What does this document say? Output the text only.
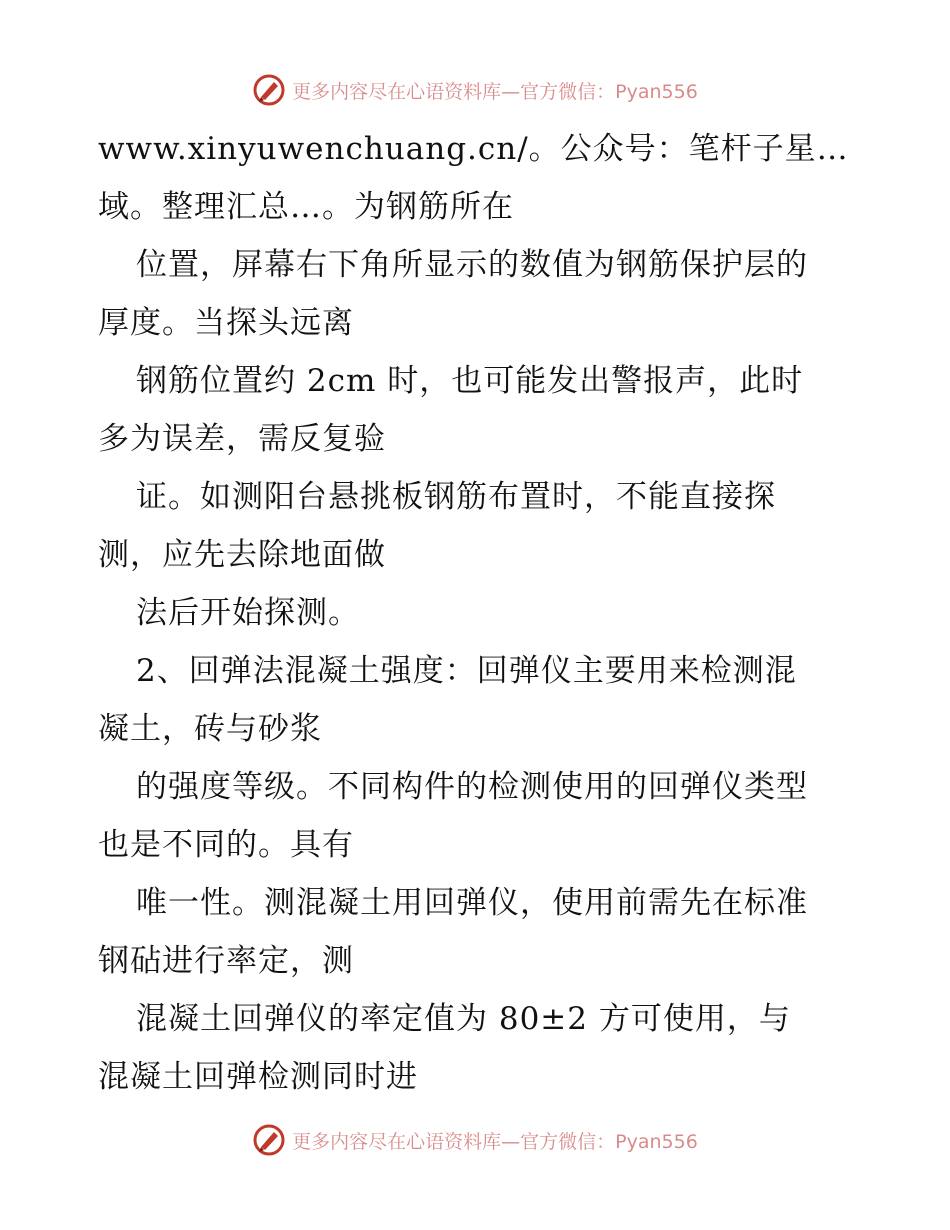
更多内容尽在心语资料库—官方微信：Pyan556
www.xinyuwenchuang.cn/。公众号：笔杆子星…
域。整理汇总…。为钢筋所在
位置，屏幕右下角所显示的数值为钢筋保护层的
厚度。当探头远离
钢筋位置约 2cm 时，也可能发出警报声，此时
多为误差，需反复验
证。如测阳台悬挑板钢筋布置时，不能直接探
测，应先去除地面做
法后开始探测。
2、回弹法混凝土强度：回弹仪主要用来检测混
凝土，砖与砂浆
的强度等级。不同构件的检测使用的回弹仪类型
也是不同的。具有
唯一性。测混凝土用回弹仪，使用前需先在标准
钢砧进行率定，测
混凝土回弹仪的率定值为 80±2 方可使用，与
混凝土回弹检测同时进
更多内容尽在心语资料库—官方微信：Pyan556
